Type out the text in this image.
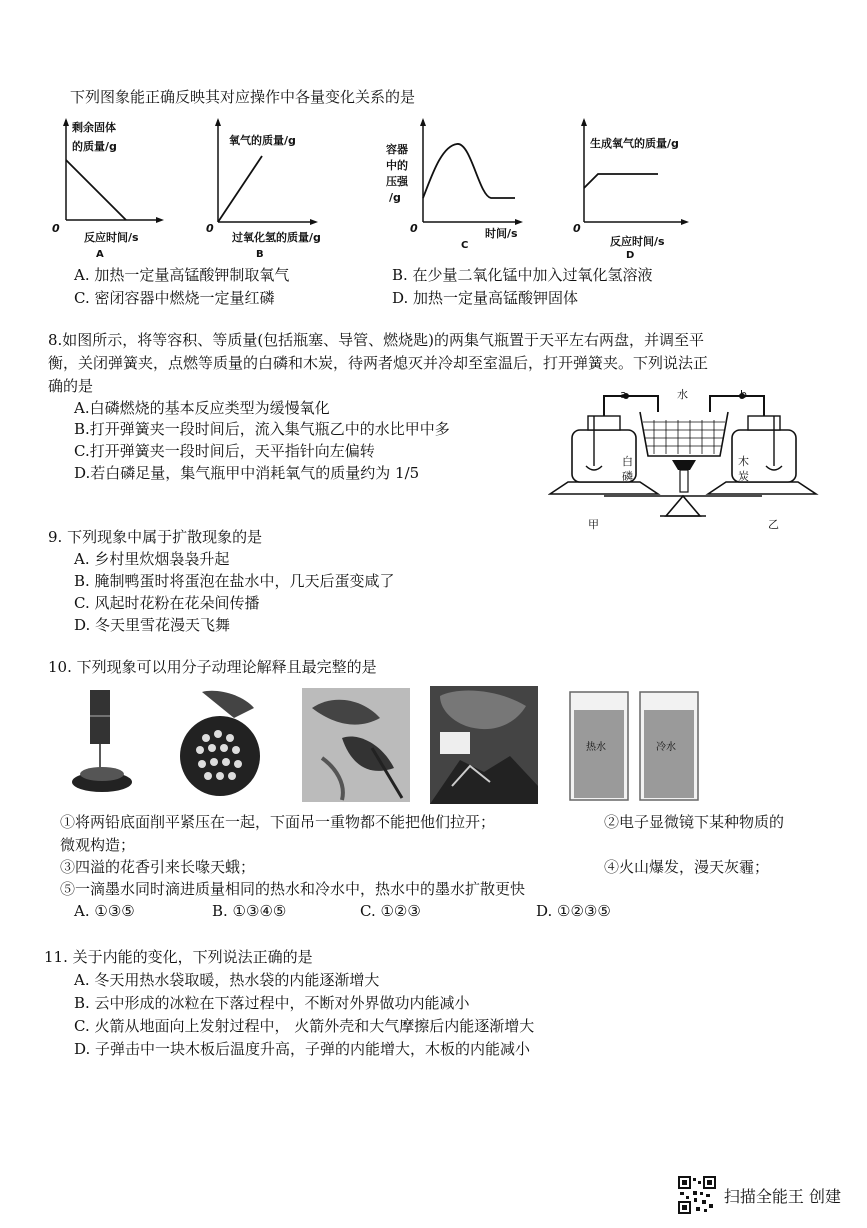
下列图象能正确反映其对应操作中各量变化关系的是
剩余固体
的质量/g
0
反应时间/s
A
氧气的质量/g
0
过氧化氢的质量/g
B
容器
中的
压强
/g
0	时间/s
C
生成氧气的质量/g
0
反应时间/s
D
A. 加热一定量高锰酸钾制取氧气	B. 在少量二氧化锰中加入过氧化氢溶液
C. 密闭容器中燃烧一定量红磷	D. 加热一定量高锰酸钾固体
8.如图所示，将等容积、等质量(包括瓶塞、导管、燃烧匙)的两集气瓶置于天平左右两盘，并调至平
衡，关闭弹簧夹，点燃等质量的白磷和木炭，待两者熄灭并冷却至室温后，打开弹簧夹。下列说法正
确的是
A.白磷燃烧的基本反应类型为缓慢氧化
B.打开弹簧夹一段时间后，流入集气瓶乙中的水比甲中多
C.打开弹簧夹一段时间后，天平指针向左偏转
D.若白磷足量，集气瓶甲中消耗氧气的质量约为 1/5
a	b
水
白
磷
木
炭
甲	乙
9. 下列现象中属于扩散现象的是
A. 乡村里炊烟袅袅升起
B. 腌制鸭蛋时将蛋泡在盐水中，几天后蛋变咸了
C. 风起时花粉在花朵间传播
D. 冬天里雪花漫天飞舞
10. 下列现象可以用分子动理论解释且最完整的是
热水	冷水
①将两铅底面削平紧压在一起，下面吊一重物都不能把他们拉开；	②电子显微镜下某种物质的
微观构造；
③四溢的花香引来长喙天蛾；	④火山爆发，漫天灰霾；
⑤一滴墨水同时滴进质量相同的热水和冷水中，热水中的墨水扩散更快
A. ①③⑤	B. ①③④⑤	C. ①②③	D. ①②③⑤
11. 关于内能的变化，下列说法正确的是
A. 冬天用热水袋取暖，热水袋的内能逐渐增大
B. 云中形成的冰粒在下落过程中，不断对外界做功内能减小
C. 火箭从地面向上发射过程中， 火箭外壳和大气摩擦后内能逐渐增大
D. 子弹击中一块木板后温度升高，子弹的内能增大，木板的内能减小
扫描全能王 创建
